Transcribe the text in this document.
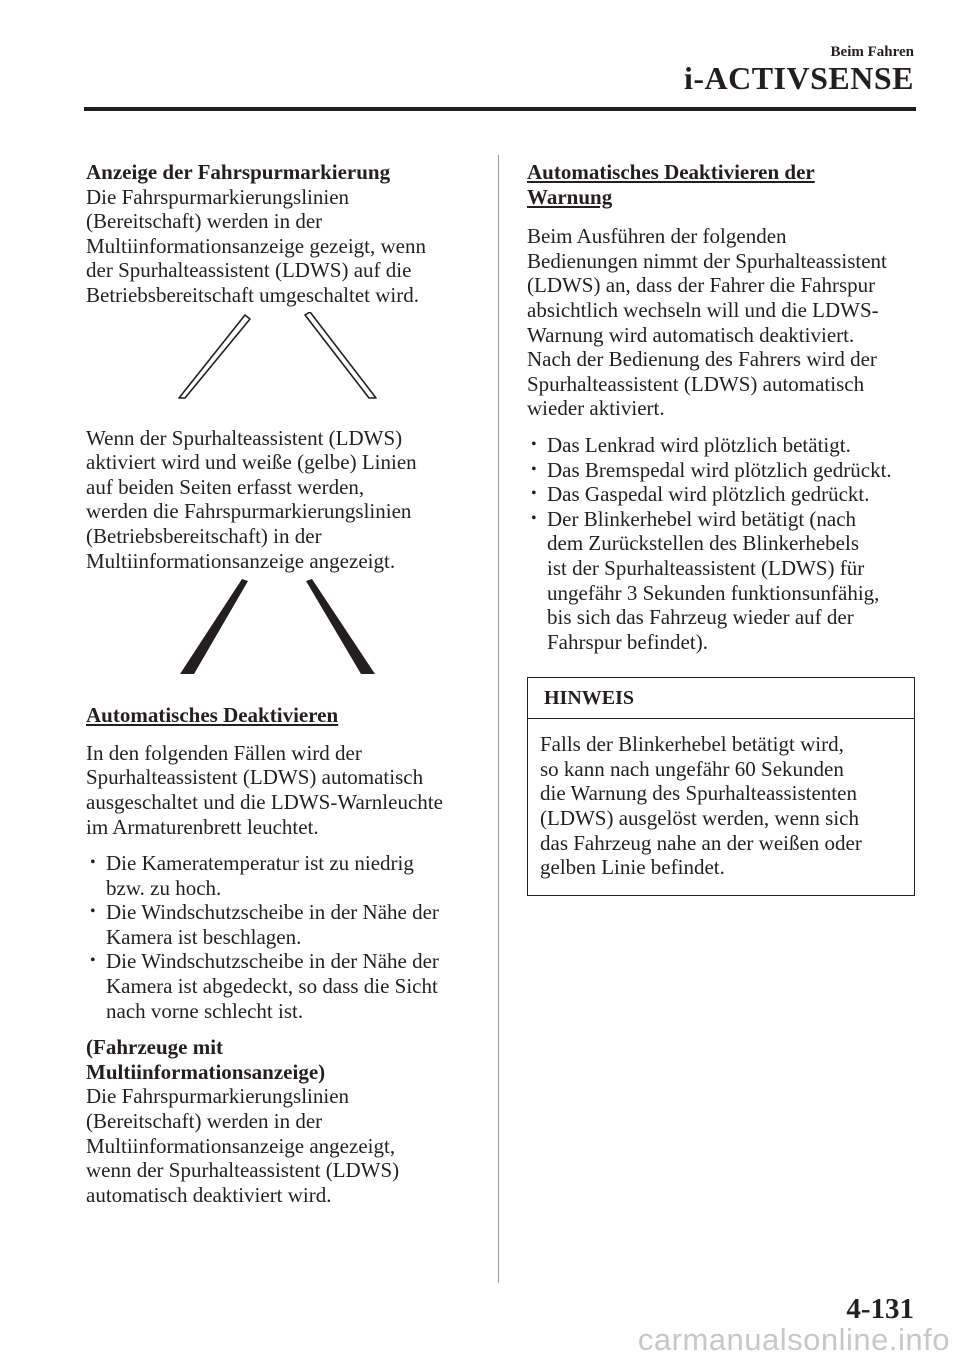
Beim Fahren
i-ACTIVSENSE

Anzeige der Fahrspurmarkierung

Die Fahrspurmarkierungslinien
(Bereitschaft) werden in der
Multiinformationsanzeige gezeigt, wenn
der Spurhalteassistent (LDWS) auf die
Betriebsbereitschaft umgeschaltet wird.

Wenn der Spurhalteassistent (LDWS)
aktiviert wird und weiße (gelbe) Linien
auf beiden Seiten erfasst werden,
werden die Fahrspurmarkierungslinien
(Betriebsbereitschaft) in der
Multiinformationsanzeige angezeigt.

Automatisches Deaktivieren

In den folgenden Fällen wird der
Spurhalteassistent (LDWS) automatisch
ausgeschaltet und die LDWS-Warnleuchte
im Armaturenbrett leuchtet.

• Die Kameratemperatur ist zu niedrig
bzw. zu hoch.
• Die Windschutzscheibe in der Nähe der
Kamera ist beschlagen.
• Die Windschutzscheibe in der Nähe der
Kamera ist abgedeckt, so dass die Sicht
nach vorne schlecht ist.

(Fahrzeuge mit
Multiinformationsanzeige)

Die Fahrspurmarkierungslinien
(Bereitschaft) werden in der
Multiinformationsanzeige angezeigt,
wenn der Spurhalteassistent (LDWS)
automatisch deaktiviert wird.

Automatisches Deaktivieren der
Warnung

Beim Ausführen der folgenden
Bedienungen nimmt der Spurhalteassistent
(LDWS) an, dass der Fahrer die Fahrspur
absichtlich wechseln will und die LDWS-
Warnung wird automatisch deaktiviert.
Nach der Bedienung des Fahrers wird der
Spurhalteassistent (LDWS) automatisch
wieder aktiviert.

• Das Lenkrad wird plötzlich betätigt.
• Das Bremspedal wird plötzlich gedrückt.
• Das Gaspedal wird plötzlich gedrückt.
• Der Blinkerhebel wird betätigt (nach
dem Zurückstellen des Blinkerhebels
ist der Spurhalteassistent (LDWS) für
ungefähr 3 Sekunden funktionsunfähig,
bis sich das Fahrzeug wieder auf der
Fahrspur befindet).
HINWEIS
Falls der Blinkerhebel betätigt wird,
so kann nach ungefähr 60 Sekunden
die Warnung des Spurhalteassistenten
(LDWS) ausgelöst werden, wenn sich
das Fahrzeug nahe an der weißen oder
gelben Linie befindet.
4-131
carmanualsonline.info
